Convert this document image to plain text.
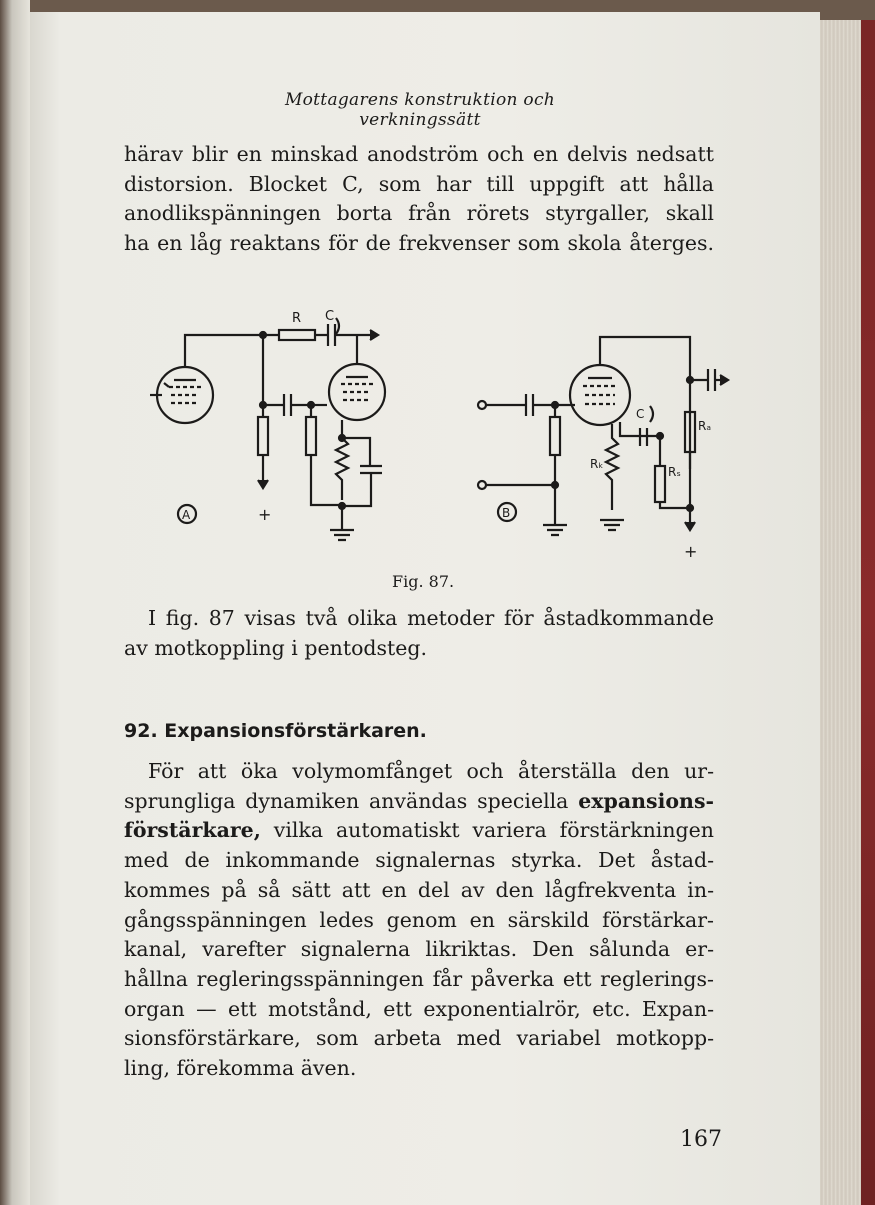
Mottagarens konstruktion och verkningssätt
härav blir en minskad anodström och en delvis nedsatt
distorsion. Blocket C, som har till uppgift att hålla
anodlikspänningen borta från rörets styrgaller, skall
ha en låg reaktans för de frekvenser som skola återges.
R C
A	+
Rₐ
+
C
Rₛ
Rₖ
B
Fig. 87.
I fig. 87 visas två olika metoder för åstadkommande
av motkoppling i pentodsteg.
92. Expansionsförstärkaren.
För att öka volymomfånget och återställa den ur-
sprungliga dynamiken användas speciella expansions-
förstärkare, vilka automatiskt variera förstärkningen
med de inkommande signalernas styrka. Det åstad-
kommes på så sätt att en del av den lågfrekventa in-
gångsspänningen ledes genom en särskild förstärkar-
kanal, varefter signalerna likriktas. Den sålunda er-
hållna regleringsspänningen får påverka ett reglerings-
organ — ett motstånd, ett exponentialrör, etc. Expan-
sionsförstärkare, som arbeta med variabel motkopp-
ling, förekomma även.
167
